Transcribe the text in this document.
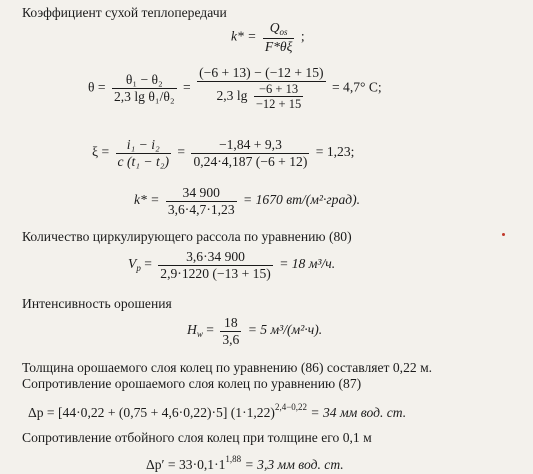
Коэффициент сухой теплопередачи
$k* = \frac{Q_{os}}{F*\theta\xi}$ ;
$\theta = \frac{\text{θ₁ − θ₂}}{\text{2,3 lg θ₁/θ₂}} = \frac{(-6 + 13) - (-12 + 15)}{2,3 \lg \frac{-6 + 13}{-12 + 15}} = 4,7^\circ$ С;
$\xi = \frac{\text{i₁ − i₂}}{\text{c (t₁ − t₂)}} = \frac{-1,84 + 9,3}{0,24\cdot 4,187 (-6 + 12)} = 1,23$;
$k* = \frac{34 900}{3,6\cdot 4,7\cdot 1,23} = 1670$ вт/(м²·град).
Количество циркулирующего рассола по уравнению (80)
$V_p = \frac{3,6\cdot 34 900}{2,9\cdot 1220 (-13 + 15)} = 18$ м³/ч.
Интенсивность орошения
$H_w = \frac{18}{3,6} = 5$ м³/(м²·ч).
Толщина орошаемого слоя колец по уравнению (86) составляет 0,22 м.
Сопротивление орошаемого слоя колец по уравнению (87)
Δp = [44·0,22 + (0,75 + 4,6·0,22)·5] $(1\cdot 1,22)^{2,4-0,22} = 34$ мм вод. ст.
Сопротивление отбойного слоя колец при толщине его 0,1 м
$\Delta p' = 33\cdot 0,1\cdot 1^{1,88} = 3,3$ мм вод. ст.
